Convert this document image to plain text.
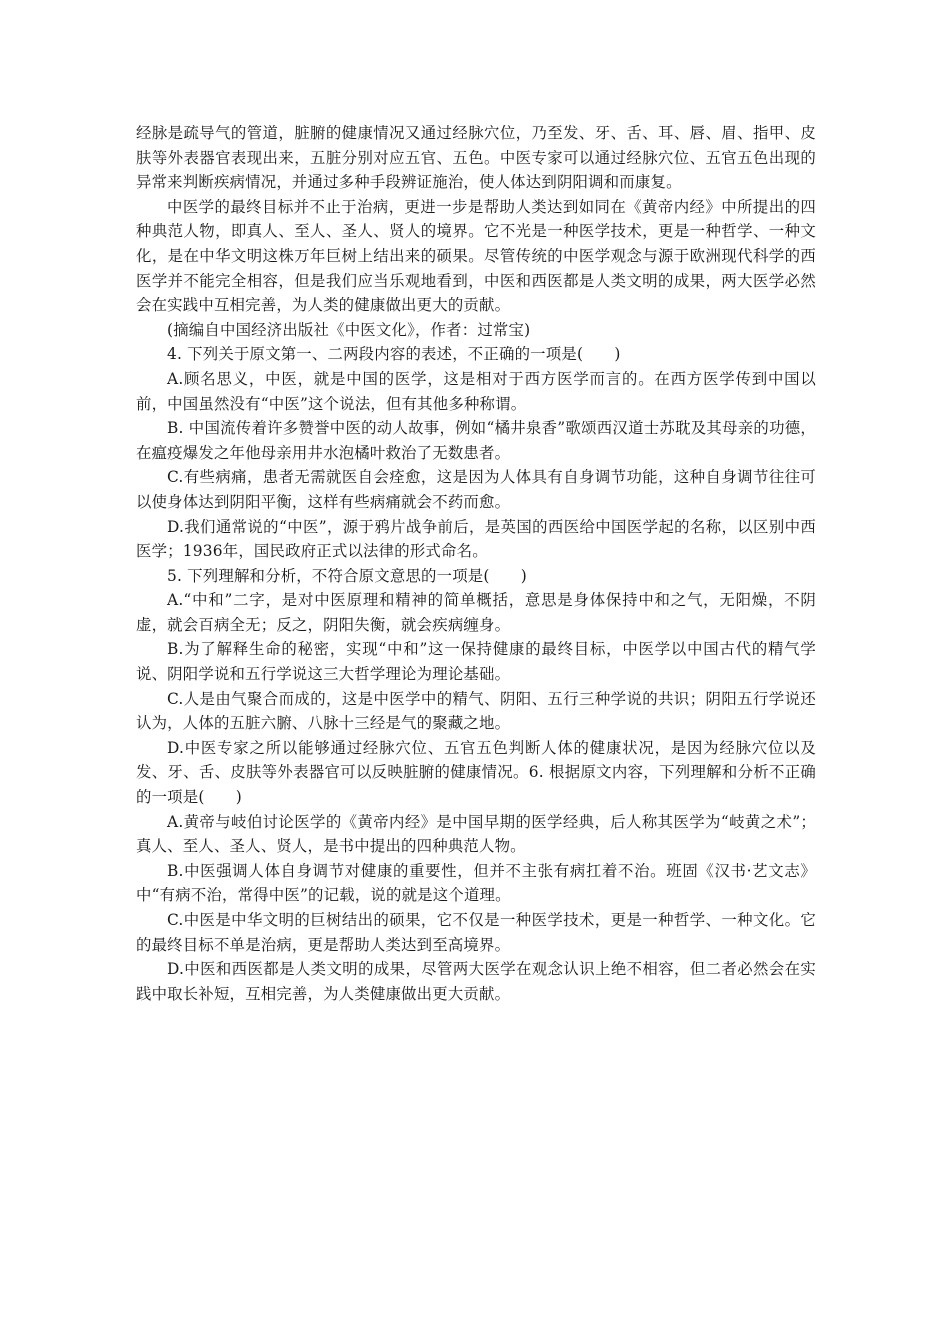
经脉是疏导气的管道，脏腑的健康情况又通过经脉穴位，乃至发、牙、舌、耳、唇、眉、指甲、皮肤等外表器官表现出来，五脏分别对应五官、五色。中医专家可以通过经脉穴位、五官五色出现的异常来判断疾病情况，并通过多种手段辨证施治，使人体达到阴阳调和而康复。

中医学的最终目标并不止于治病，更进一步是帮助人类达到如同在《黄帝内经》中所提出的四种典范人物，即真人、至人、圣人、贤人的境界。它不光是一种医学技术，更是一种哲学、一种文化，是在中华文明这株万年巨树上结出来的硕果。尽管传统的中医学观念与源于欧洲现代科学的西医学并不能完全相容，但是我们应当乐观地看到，中医和西医都是人类文明的成果，两大医学必然会在实践中互相完善，为人类的健康做出更大的贡献。

(摘编自中国经济出版社《中医文化》，作者：过常宝)

4. 下列关于原文第一、二两段内容的表述，不正确的一项是(　　)

A.顾名思义，中医，就是中国的医学，这是相对于西方医学而言的。在西方医学传到中国以前，中国虽然没有“中医”这个说法，但有其他多种称谓。

B. 中国流传着许多赞誉中医的动人故事，例如“橘井泉香”歌颂西汉道士苏耽及其母亲的功德，在瘟疫爆发之年他母亲用井水泡橘叶救治了无数患者。

C.有些病痛，患者无需就医自会痊愈，这是因为人体具有自身调节功能，这种自身调节往往可以使身体达到阴阳平衡，这样有些病痛就会不药而愈。

D.我们通常说的“中医”，源于鸦片战争前后，是英国的西医给中国医学起的名称，以区别中西医学；1936年，国民政府正式以法律的形式命名。

5. 下列理解和分析，不符合原文意思的一项是(　　)

A.“中和”二字，是对中医原理和精神的简单概括，意思是身体保持中和之气，无阳燥，不阴虚，就会百病全无；反之，阴阳失衡，就会疾病缠身。

B.为了解释生命的秘密，实现“中和”这一保持健康的最终目标，中医学以中国古代的精气学说、阴阳学说和五行学说这三大哲学理论为理论基础。

C.人是由气聚合而成的，这是中医学中的精气、阴阳、五行三种学说的共识；阴阳五行学说还认为，人体的五脏六腑、八脉十三经是气的聚藏之地。

D.中医专家之所以能够通过经脉穴位、五官五色判断人体的健康状况，是因为经脉穴位以及发、牙、舌、皮肤等外表器官可以反映脏腑的健康情况。6. 根据原文内容，下列理解和分析不正确的一项是(　　)

A.黄帝与岐伯讨论医学的《黄帝内经》是中国早期的医学经典，后人称其医学为“岐黄之术”；真人、至人、圣人、贤人，是书中提出的四种典范人物。

B.中医强调人体自身调节对健康的重要性，但并不主张有病扛着不治。班固《汉书·艺文志》中“有病不治，常得中医”的记载，说的就是这个道理。

C.中医是中华文明的巨树结出的硕果，它不仅是一种医学技术，更是一种哲学、一种文化。它的最终目标不单是治病，更是帮助人类达到至高境界。

D.中医和西医都是人类文明的成果，尽管两大医学在观念认识上绝不相容，但二者必然会在实践中取长补短，互相完善，为人类健康做出更大贡献。
